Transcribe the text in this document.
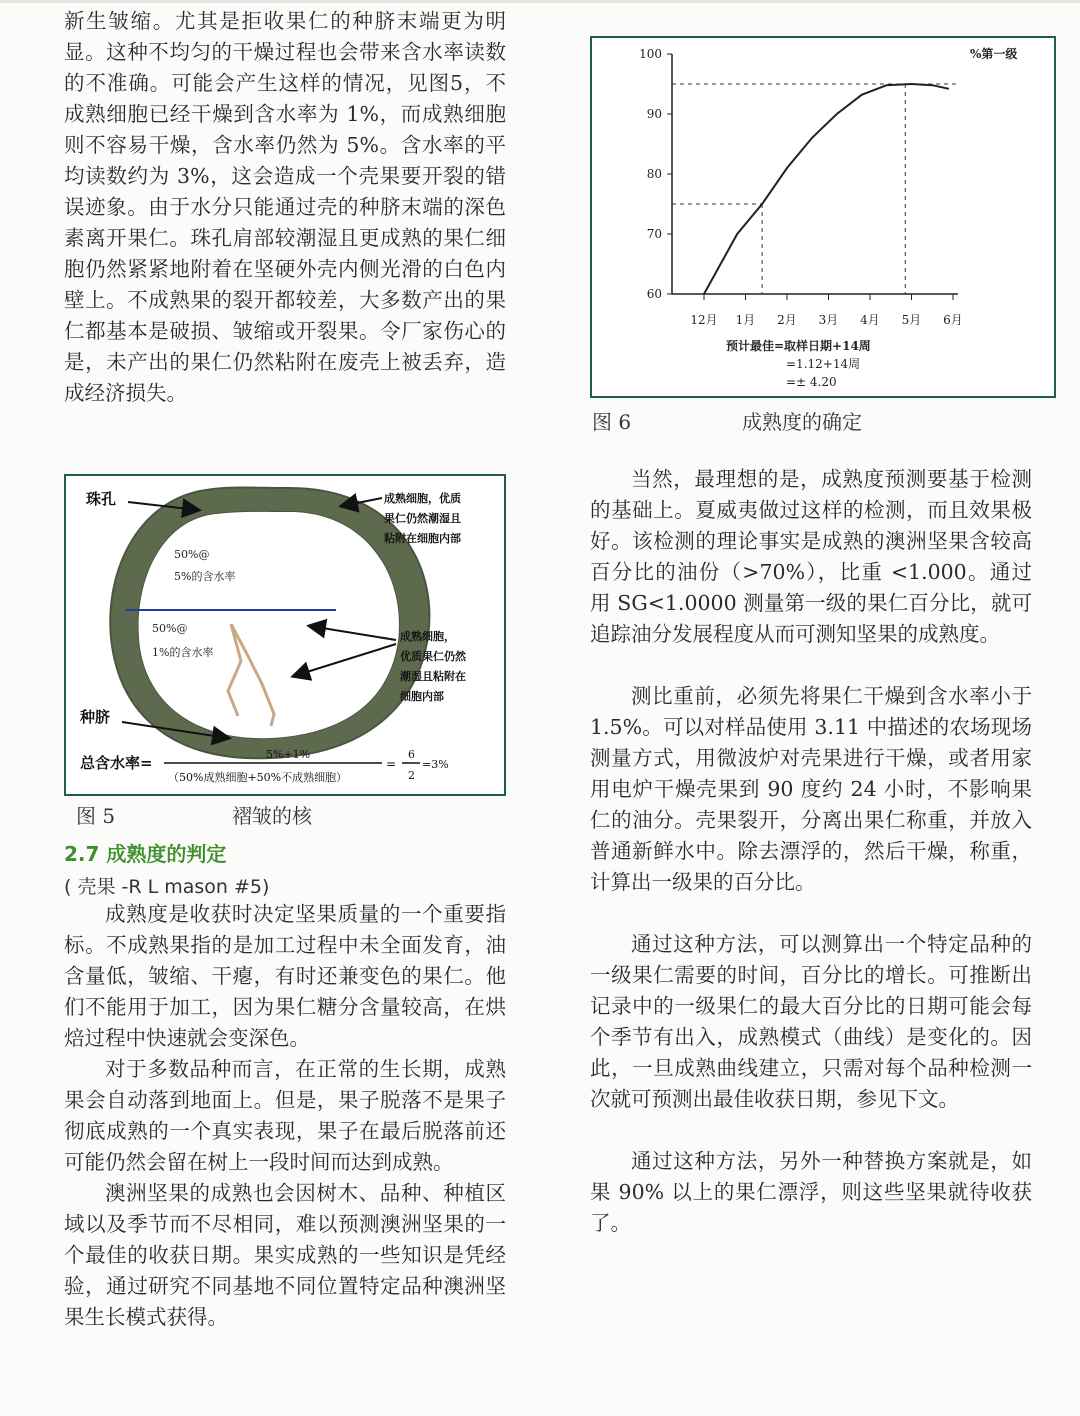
新生皱缩。尤其是拒收果仁的种脐末端更为明显。这种不均匀的干燥过程也会带来含水率读数的不准确。可能会产生这样的情况，见图5，不成熟细胞已经干燥到含水率为 1%，而成熟细胞则不容易干燥，含水率仍然为 5%。含水率的平均读数约为 3%，这会造成一个壳果要开裂的错误迹象。由于水分只能通过壳的种脐末端的深色素离开果仁。珠孔肩部较潮湿且更成熟的果仁细胞仍然紧紧地附着在坚硬外壳内侧光滑的白色内壁上。不成熟果的裂开都较差，大多数产出的果仁都基本是破损、皱缩或开裂果。令厂家伤心的是，未产出的果仁仍然粘附在废壳上被丢弃，造成经济损失。

珠孔
50%@
5%的含水率
50%@
1%的含水率
种脐
成熟细胞，优质
果仁仍然潮湿且
粘附在细胞内部
成熟细胞，
优质果仁仍然
潮湿且粘附在
细胞内部
总含水率=	5%+1%
（50%成熟细胞+50%不成熟细胞）
=
6
2
=3%
图 5	褶皱的核
2.7 成熟度的判定
( 壳果 -R L mason #5)

成熟度是收获时决定坚果质量的一个重要指标。不成熟果指的是加工过程中未全面发育，油含量低，皱缩、干瘪，有时还兼变色的果仁。他们不能用于加工，因为果仁糖分含量较高，在烘焙过程中快速就会变深色。

对于多数品种而言，在正常的生长期，成熟果会自动落到地面上。但是，果子脱落不是果子彻底成熟的一个真实表现，果子在最后脱落前还可能仍然会留在树上一段时间而达到成熟。

澳洲坚果的成熟也会因树木、品种、种植区域以及季节而不尽相同，难以预测澳洲坚果的一个最佳的收获日期。果实成熟的一些知识是凭经验，通过研究不同基地不同位置特定品种澳洲坚果生长模式获得。

60
70
80
90
100
12月 1月 2月 3月 4月 5月 6月
%第一级
预计最佳=取样日期+14周
=1.12+14周
=± 4.20
图 6	成熟度的确定

当然，最理想的是，成熟度预测要基于检测的基础上。夏威夷做过这样的检测，而且效果极好。该检测的理论事实是成熟的澳洲坚果含较高百分比的油份（>70%），比重 <1.000。通过用 SG<1.0000 测量第一级的果仁百分比，就可追踪油分发展程度从而可测知坚果的成熟度。

测比重前，必须先将果仁干燥到含水率小于 1.5%。可以对样品使用 3.11 中描述的农场现场测量方式，用微波炉对壳果进行干燥，或者用家用电炉干燥壳果到 90 度约 24 小时，不影响果仁的油分。壳果裂开，分离出果仁称重，并放入普通新鲜水中。除去漂浮的，然后干燥，称重，计算出一级果的百分比。

通过这种方法，可以测算出一个特定品种的一级果仁需要的时间，百分比的增长。可推断出记录中的一级果仁的最大百分比的日期可能会每个季节有出入，成熟模式（曲线）是变化的。因此，一旦成熟曲线建立，只需对每个品种检测一次就可预测出最佳收获日期，参见下文。

通过这种方法，另外一种替换方案就是，如果 90% 以上的果仁漂浮，则这些坚果就待收获了。
